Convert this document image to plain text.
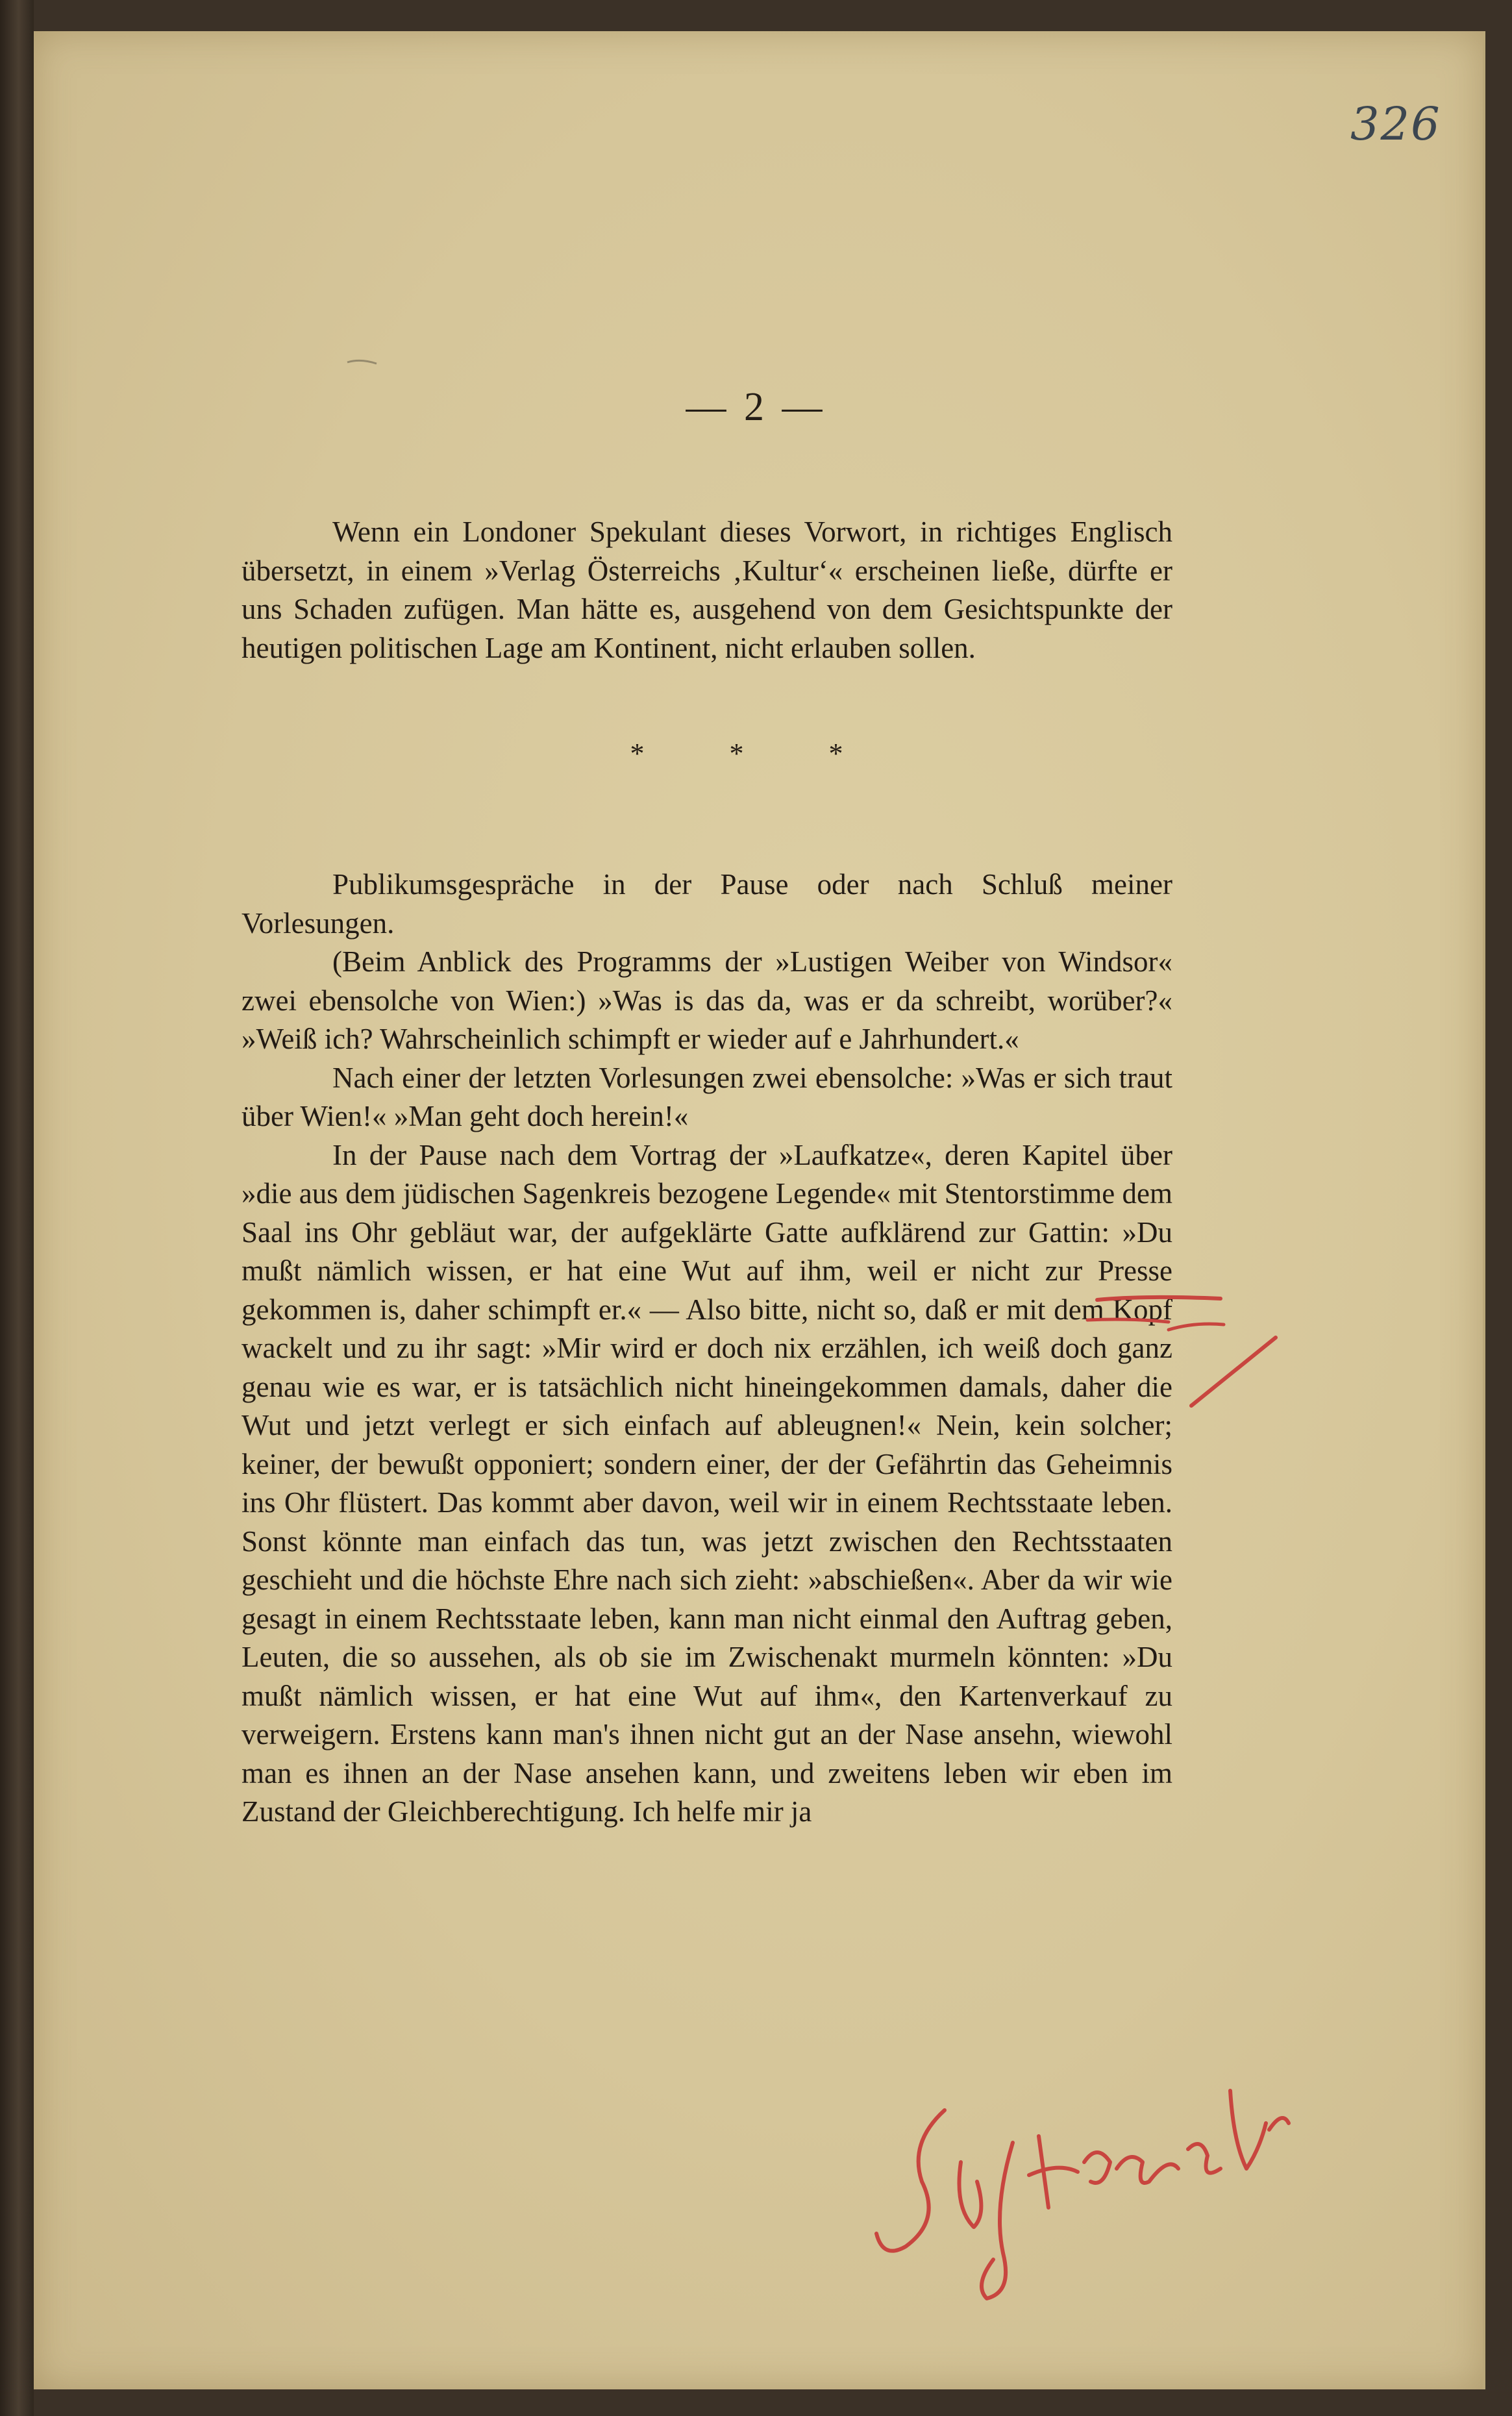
326
— 2 —

Wenn ein Londoner Spekulant dieses Vorwort, in richtiges Englisch übersetzt, in einem »Verlag Österreichs ‚Kultur‘« erscheinen ließe, dürfte er uns Schaden zufügen. Man hätte es, ausgehend von dem Gesichtspunkte der heutigen politischen Lage am Kontinent, nicht erlauben sollen.

* * *

Publikumsgespräche in der Pause oder nach Schluß meiner Vorlesungen.

(Beim Anblick des Programms der »Lustigen Weiber von Windsor« zwei ebensolche von Wien:) »Was is das da, was er da schreibt, worüber?« »Weiß ich? Wahrscheinlich schimpft er wieder auf e Jahrhundert.«

Nach einer der letzten Vorlesungen zwei ebensolche: »Was er sich traut über Wien!« »Man geht doch herein!«

In der Pause nach dem Vortrag der »Laufkatze«, deren Kapitel über »die aus dem jüdischen Sagenkreis bezogene Legende« mit Stentorstimme dem Saal ins Ohr gebläut war, der aufgeklärte Gatte aufklärend zur Gattin: »Du mußt nämlich wissen, er hat eine Wut auf ihm, weil er nicht zur Presse gekommen is, daher schimpft er.« — Also bitte, nicht so, daß er mit dem Kopf wackelt und zu ihr sagt: »Mir wird er doch nix erzählen, ich weiß doch ganz genau wie es war, er is tatsächlich nicht hineingekommen damals, daher die Wut und jetzt verlegt er sich einfach auf ableugnen!« Nein, kein solcher; keiner, der bewußt opponiert; sondern einer, der der Gefährtin das Geheimnis ins Ohr flüstert. Das kommt aber davon, weil wir in einem Rechtsstaate leben. Sonst könnte man einfach das tun, was jetzt zwischen den Rechtsstaaten geschieht und die höchste Ehre nach sich zieht: »abschießen«. Aber da wir wie gesagt in einem Rechtsstaate leben, kann man nicht einmal den Auftrag geben, Leuten, die so aussehen, als ob sie im Zwischenakt murmeln könnten: »Du mußt nämlich wissen, er hat eine Wut auf ihm«, den Kartenverkauf zu verweigern. Erstens kann man's ihnen nicht gut an der Nase ansehn, wiewohl man es ihnen an der Nase ansehen kann, und zweitens leben wir eben im Zustand der Gleichberechtigung. Ich helfe mir ja
